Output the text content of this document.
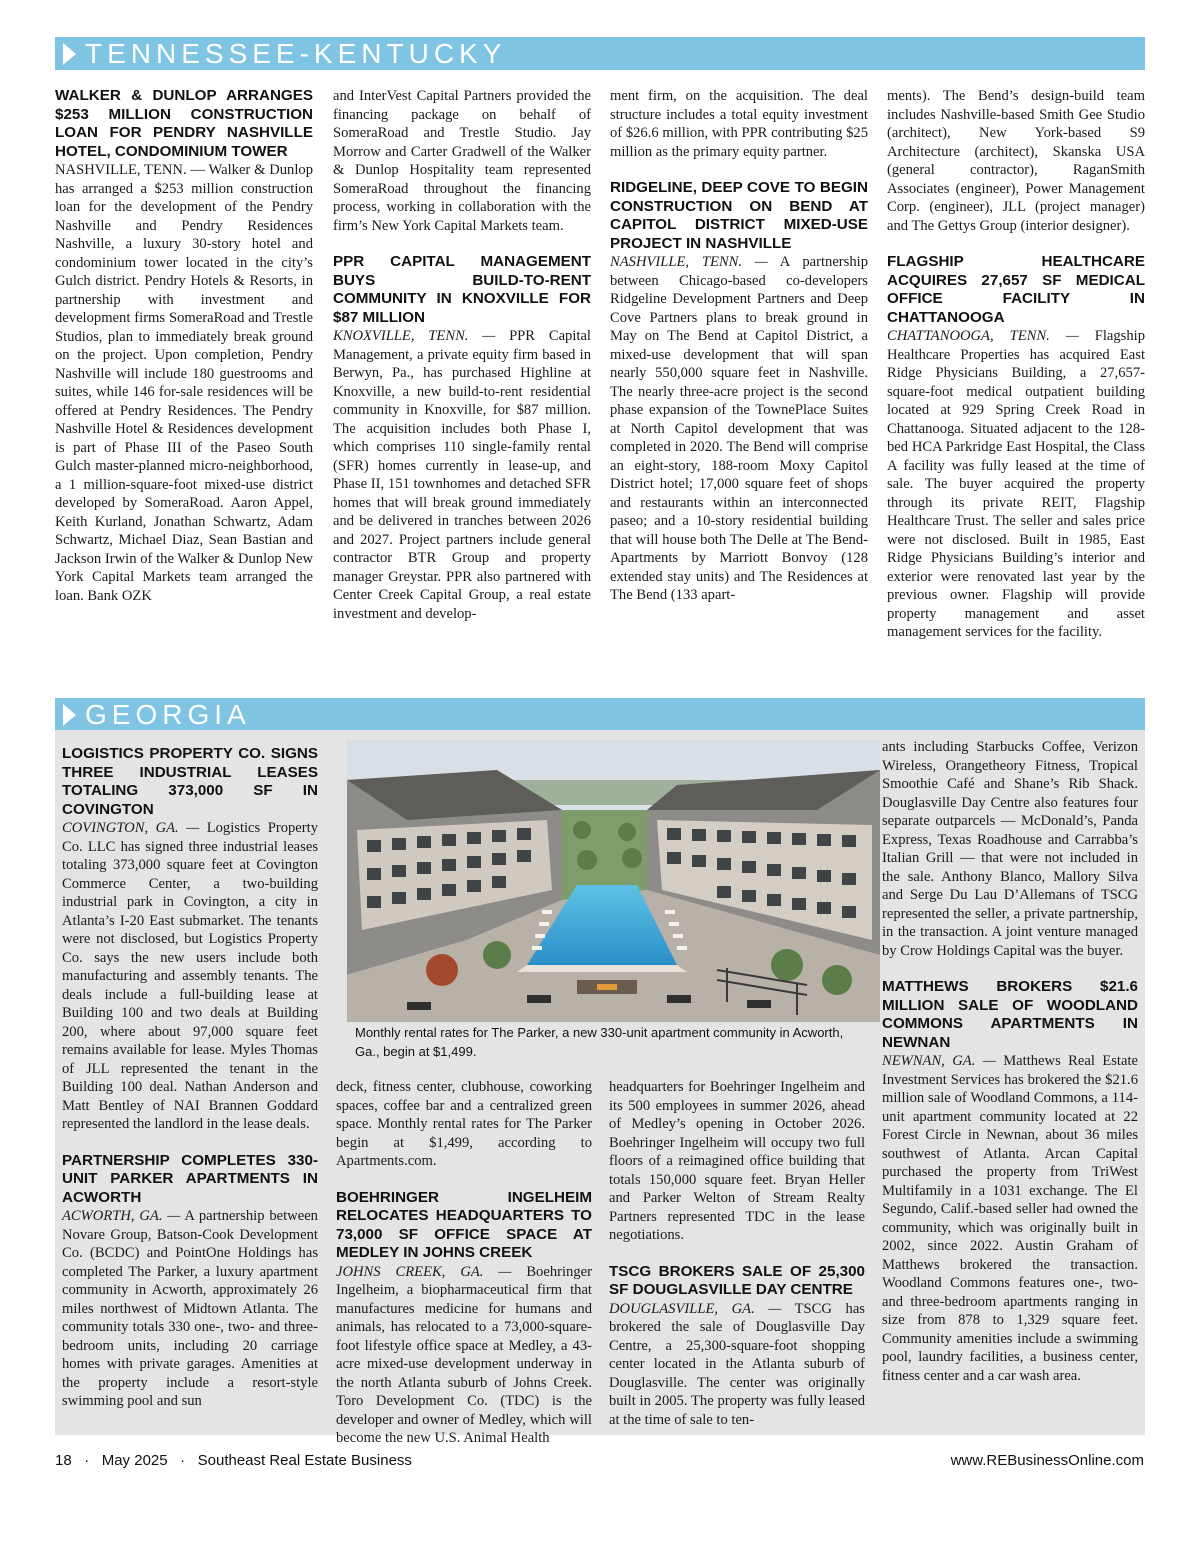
TENNESSEE-KENTUCKY

WALKER & DUNLOP ARRANGES $253 MILLION CONSTRUCTION LOAN FOR PENDRY NASHVILLE HOTEL, CONDOMINIUM TOWER

NASHVILLE, TENN. — Walker & Dunlop has arranged a $253 million construction loan for the development of the Pendry Nashville and Pendry Residences Nashville, a luxury 30-story hotel and condominium tower located in the city’s Gulch district. Pendry Hotels & Resorts, in partnership with investment and development firms SomeraRoad and Trestle Studios, plan to immediately break ground on the project. Upon completion, Pendry Nashville will include 180 guestrooms and suites, while 146 for-sale residences will be offered at Pendry Residences. The Pendry Nashville Hotel & Residences development is part of Phase III of the Paseo South Gulch master-planned micro-neighborhood, a 1 million-square-foot mixed-use district developed by SomeraRoad. Aaron Appel, Keith Kurland, Jonathan Schwartz, Adam Schwartz, Michael Diaz, Sean Bastian and Jackson Irwin of the Walker & Dunlop New York Capital Markets team arranged the loan. Bank OZK

and InterVest Capital Partners provided the financing package on behalf of SomeraRoad and Trestle Studio. Jay Morrow and Carter Gradwell of the Walker & Dunlop Hospitality team represented SomeraRoad throughout the financing process, working in collaboration with the firm’s New York Capital Markets team.

PPR CAPITAL MANAGEMENT BUYS BUILD-TO-RENT COMMUNITY IN KNOXVILLE FOR $87 MILLION

KNOXVILLE, TENN. — PPR Capital Management, a private equity firm based in Berwyn, Pa., has purchased Highline at Knoxville, a new build-to-rent residential community in Knoxville, for $87 million. The acquisition includes both Phase I, which comprises 110 single-family rental (SFR) homes currently in lease-up, and Phase II, 151 townhomes and detached SFR homes that will break ground immediately and be delivered in tranches between 2026 and 2027. Project partners include general contractor BTR Group and property manager Greystar. PPR also partnered with Center Creek Capital Group, a real estate investment and develop-

ment firm, on the acquisition. The deal structure includes a total equity investment of $26.6 million, with PPR contributing $25 million as the primary equity partner.

RIDGELINE, DEEP COVE TO BEGIN CONSTRUCTION ON BEND AT CAPITOL DISTRICT MIXED-USE PROJECT IN NASHVILLE

NASHVILLE, TENN. — A partnership between Chicago-based co-developers Ridgeline Development Partners and Deep Cove Partners plans to break ground in May on The Bend at Capitol District, a mixed-use development that will span nearly 550,000 square feet in Nashville. The nearly three-acre project is the second phase expansion of the TownePlace Suites at North Capitol development that was completed in 2020. The Bend will comprise an eight-story, 188-room Moxy Capitol District hotel; 17,000 square feet of shops and restaurants within an interconnected paseo; and a 10-story residential building that will house both The Delle at The Bend-Apartments by Marriott Bonvoy (128 extended stay units) and The Residences at The Bend (133 apart-

ments). The Bend’s design-build team includes Nashville-based Smith Gee Studio (architect), New York-based S9 Architecture (architect), Skanska USA (general contractor), RaganSmith Associates (engineer), Power Management Corp. (engineer), JLL (project manager) and The Gettys Group (interior designer).

FLAGSHIP HEALTHCARE ACQUIRES 27,657 SF MEDICAL OFFICE FACILITY IN CHATTANOOGA

CHATTANOOGA, TENN. — Flagship Healthcare Properties has acquired East Ridge Physicians Building, a 27,657-square-foot medical outpatient building located at 929 Spring Creek Road in Chattanooga. Situated adjacent to the 128-bed HCA Parkridge East Hospital, the Class A facility was fully leased at the time of sale. The buyer acquired the property through its private REIT, Flagship Healthcare Trust. The seller and sales price were not disclosed. Built in 1985, East Ridge Physicians Building’s interior and exterior were renovated last year by the previous owner. Flagship will provide property management and asset management services for the facility.

GEORGIA
Monthly rental rates for The Parker, a new 330-unit apartment community in Acworth, Ga., begin at $1,499.

LOGISTICS PROPERTY CO. SIGNS THREE INDUSTRIAL LEASES TOTALING 373,000 SF IN COVINGTON

COVINGTON, GA. — Logistics Property Co. LLC has signed three industrial leases totaling 373,000 square feet at Covington Commerce Center, a two-building industrial park in Covington, a city in Atlanta’s I-20 East submarket. The tenants were not disclosed, but Logistics Property Co. says the new users include both manufacturing and assembly tenants. The deals include a full-building lease at Building 100 and two deals at Building 200, where about 97,000 square feet remains available for lease. Myles Thomas of JLL represented the tenant in the Building 100 deal. Nathan Anderson and Matt Bentley of NAI Brannen Goddard represented the landlord in the lease deals.

PARTNERSHIP COMPLETES 330-UNIT PARKER APARTMENTS IN ACWORTH

ACWORTH, GA. — A partnership between Novare Group, Batson-Cook Development Co. (BCDC) and PointOne Holdings has completed The Parker, a luxury apartment community in Acworth, approximately 26 miles northwest of Midtown Atlanta. The community totals 330 one-, two- and three-bedroom units, including 20 carriage homes with private garages. Amenities at the property include a resort-style swimming pool and sun

deck, fitness center, clubhouse, coworking spaces, coffee bar and a centralized green space. Monthly rental rates for The Parker begin at $1,499, according to Apartments.com.

BOEHRINGER INGELHEIM RELOCATES HEADQUARTERS TO 73,000 SF OFFICE SPACE AT MEDLEY IN JOHNS CREEK

JOHNS CREEK, GA. — Boehringer Ingelheim, a biopharmaceutical firm that manufactures medicine for humans and animals, has relocated to a 73,000-square-foot lifestyle office space at Medley, a 43-acre mixed-use development underway in the north Atlanta suburb of Johns Creek. Toro Development Co. (TDC) is the developer and owner of Medley, which will become the new U.S. Animal Health

headquarters for Boehringer Ingelheim and its 500 employees in summer 2026, ahead of Medley’s opening in October 2026. Boehringer Ingelheim will occupy two full floors of a reimagined office building that totals 150,000 square feet. Bryan Heller and Parker Welton of Stream Realty Partners represented TDC in the lease negotiations.

TSCG BROKERS SALE OF 25,300 SF DOUGLASVILLE DAY CENTRE

DOUGLASVILLE, GA. — TSCG has brokered the sale of Douglasville Day Centre, a 25,300-square-foot shopping center located in the Atlanta suburb of Douglasville. The center was originally built in 2005. The property was fully leased at the time of sale to ten-

ants including Starbucks Coffee, Verizon Wireless, Orangetheory Fitness, Tropical Smoothie Café and Shane’s Rib Shack. Douglasville Day Centre also features four separate outparcels — McDonald’s, Panda Express, Texas Roadhouse and Carrabba’s Italian Grill — that were not included in the sale. Anthony Blanco, Mallory Silva and Serge Du Lau D’Allemans of TSCG represented the seller, a private partnership, in the transaction. A joint venture managed by Crow Holdings Capital was the buyer.

MATTHEWS BROKERS $21.6 MILLION SALE OF WOODLAND COMMONS APARTMENTS IN NEWNAN

NEWNAN, GA. — Matthews Real Estate Investment Services has brokered the $21.6 million sale of Woodland Commons, a 114-unit apartment community located at 22 Forest Circle in Newnan, about 36 miles southwest of Atlanta. Arcan Capital purchased the property from TriWest Multifamily in a 1031 exchange. The El Segundo, Calif.-based seller had owned the community, which was originally built in 2002, since 2022. Austin Graham of Matthews brokered the transaction. Woodland Commons features one-, two- and three-bedroom apartments ranging in size from 878 to 1,329 square feet. Community amenities include a swimming pool, laundry facilities, a business center, fitness center and a car wash area.

18 · May 2025 · Southeast Real Estate Business	www.REBusinessOnline.com
